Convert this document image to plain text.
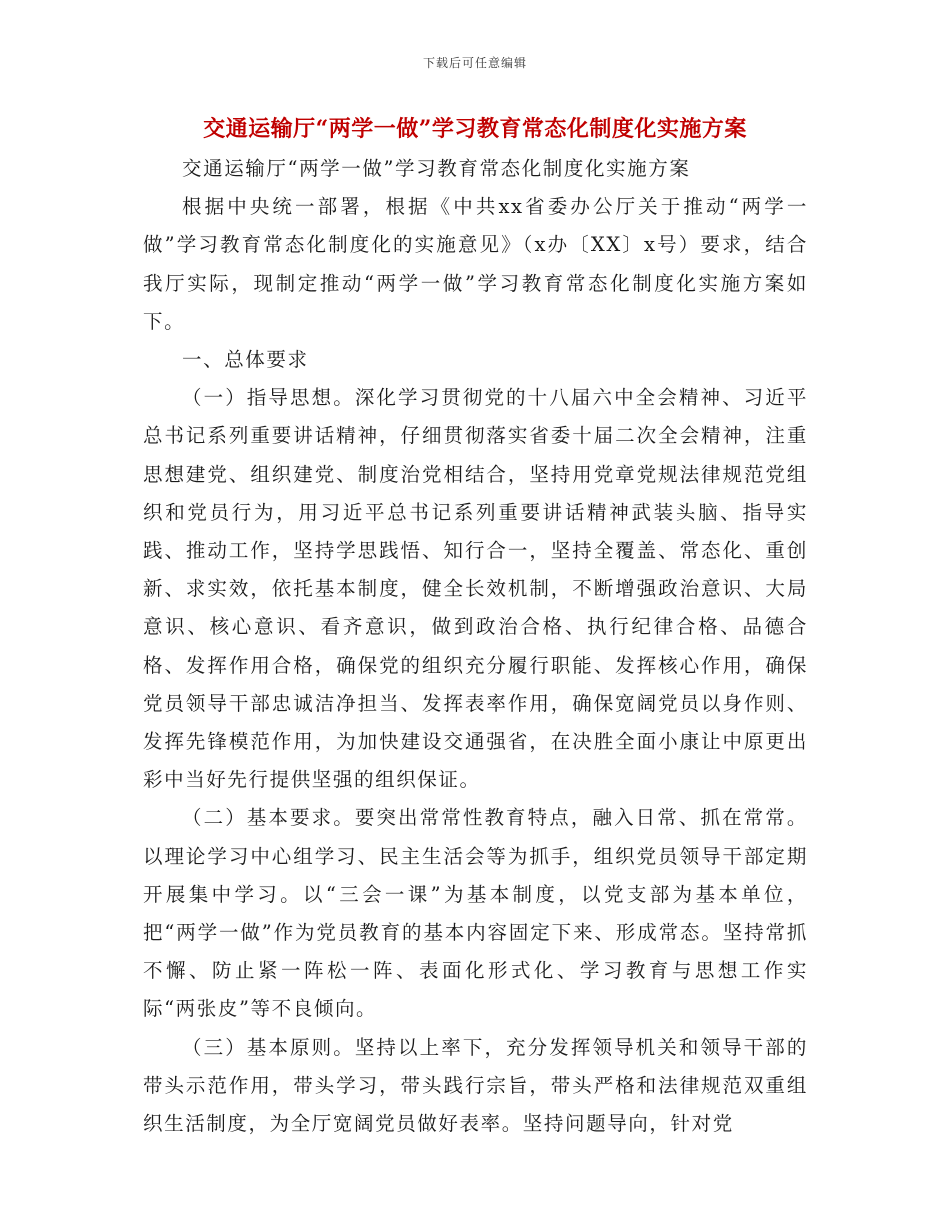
下载后可任意编辑
交通运输厅“两学一做”学习教育常态化制度化实施方案

交通运输厅“两学一做”学习教育常态化制度化实施方案

根据中央统一部署，根据《中共xx省委办公厅关于推动“两学一做”学习教育常态化制度化的实施意见》（x办〔XX〕x号）要求，结合我厅实际，现制定推动“两学一做”学习教育常态化制度化实施方案如下。

一、总体要求

（一）指导思想。深化学习贯彻党的十八届六中全会精神、习近平总书记系列重要讲话精神，仔细贯彻落实省委十届二次全会精神，注重思想建党、组织建党、制度治党相结合，坚持用党章党规法律规范党组织和党员行为，用习近平总书记系列重要讲话精神武装头脑、指导实践、推动工作，坚持学思践悟、知行合一，坚持全覆盖、常态化、重创新、求实效，依托基本制度，健全长效机制，不断增强政治意识、大局意识、核心意识、看齐意识，做到政治合格、执行纪律合格、品德合格、发挥作用合格，确保党的组织充分履行职能、发挥核心作用，确保党员领导干部忠诚洁净担当、发挥表率作用，确保宽阔党员以身作则、发挥先锋模范作用，为加快建设交通强省，在决胜全面小康让中原更出彩中当好先行提供坚强的组织保证。

（二）基本要求。要突出常常性教育特点，融入日常、抓在常常。以理论学习中心组学习、民主生活会等为抓手，组织党员领导干部定期开展集中学习。以“三会一课”为基本制度，以党支部为基本单位，把“两学一做”作为党员教育的基本内容固定下来、形成常态。坚持常抓不懈、防止紧一阵松一阵、表面化形式化、学习教育与思想工作实际“两张皮”等不良倾向。

（三）基本原则。坚持以上率下，充分发挥领导机关和领导干部的带头示范作用，带头学习，带头践行宗旨，带头严格和法律规范双重组织生活制度，为全厅宽阔党员做好表率。坚持问题导向，针对党
